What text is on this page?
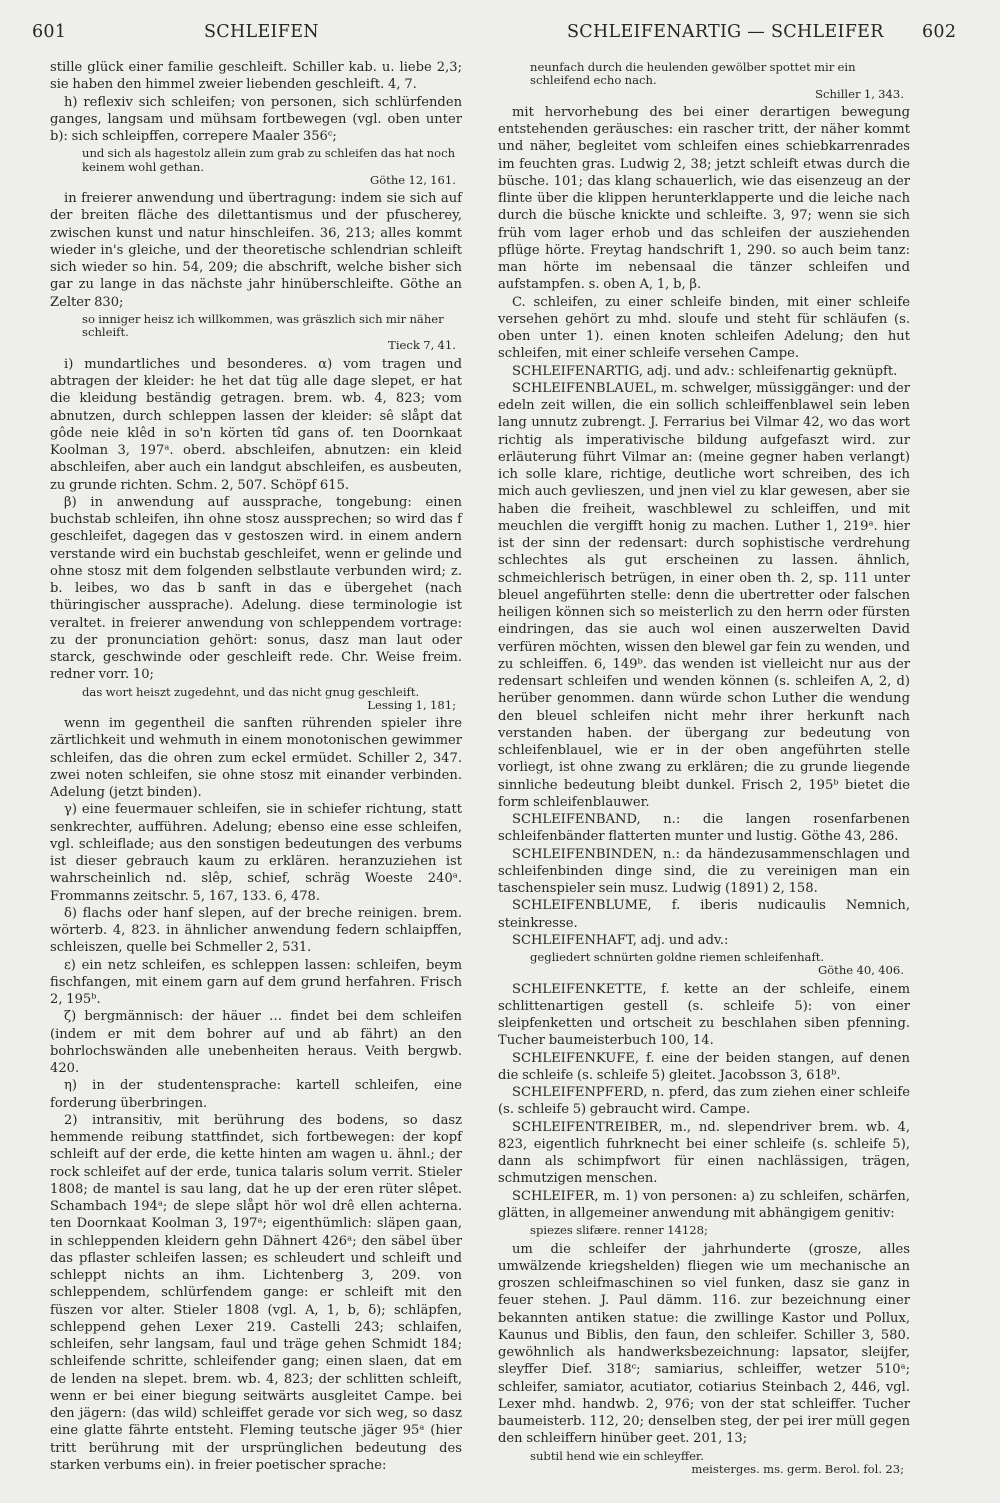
601	SCHLEIFEN	SCHLEIFENARTIG — SCHLEIFER 602

stille glück einer familie geschleift. Schiller kab. u. liebe 2,3; sie haben den himmel zweier liebenden geschleift. 4, 7.

h) reflexiv sich schleifen; von personen, sich schlürfenden ganges, langsam und mühsam fortbewegen (vgl. oben unter b): sich schleipffen, correpere Maaler 356ᶜ;

und sich als hagestolz allein zum grab zu schleifen das hat noch keinem wohl gethan.
Göthe 12, 161.

in freierer anwendung und übertragung: indem sie sich auf der breiten fläche des dilettantismus und der pfuscherey, zwischen kunst und natur hinschleifen. 36, 213; alles kommt wieder in's gleiche, und der theoretische schlendrian schleift sich wieder so hin. 54, 209; die abschrift, welche bisher sich gar zu lange in das nächste jahr hinüberschleifte. Göthe an Zelter 830;

so inniger heisz ich willkommen, was gräszlich sich mir näher schleift.
Tieck 7, 41.

i) mundartliches und besonderes. α) vom tragen und abtragen der kleider: he het dat tüg alle dage slepet, er hat die kleidung beständig getragen. brem. wb. 4, 823; vom abnutzen, durch schleppen lassen der kleider: sê slåpt dat gôde neie klêd in so'n körten tîd gans of. ten Doornkaat Koolman 3, 197ᵃ. oberd. abschleifen, abnutzen: ein kleid abschleifen, aber auch ein landgut abschleifen, es ausbeuten, zu grunde richten. Schm. 2, 507. Schöpf 615.

β) in anwendung auf aussprache, tongebung: einen buchstab schleifen, ihn ohne stosz aussprechen; so wird das f geschleifet, dagegen das v gestoszen wird. in einem andern verstande wird ein buchstab geschleifet, wenn er gelinde und ohne stosz mit dem folgenden selbstlaute verbunden wird; z. b. leibes, wo das b sanft in das e übergehet (nach thüringischer aussprache). Adelung. diese terminologie ist veraltet. in freierer anwendung von schleppendem vortrage: zu der pronunciation gehört: sonus, dasz man laut oder starck, geschwinde oder geschleift rede. Chr. Weise freim. redner vorr. 10;

das wort heiszt zugedehnt, und das nicht gnug geschleift.
Lessing 1, 181;

wenn im gegentheil die sanften rührenden spieler ihre zärtlichkeit und wehmuth in einem monotonischen gewimmer schleifen, das die ohren zum eckel ermüdet. Schiller 2, 347. zwei noten schleifen, sie ohne stosz mit einander verbinden. Adelung (jetzt binden).

γ) eine feuermauer schleifen, sie in schiefer richtung, statt senkrechter, aufführen. Adelung; ebenso eine esse schleifen, vgl. schleiflade; aus den sonstigen bedeutungen des verbums ist dieser gebrauch kaum zu erklären. heranzuziehen ist wahrscheinlich nd. slêp, schief, schräg Woeste 240ᵃ. Frommanns zeitschr. 5, 167, 133. 6, 478.

δ) flachs oder hanf slepen, auf der breche reinigen. brem. wörterb. 4, 823. in ähnlicher anwendung federn schlaipffen, schleiszen, quelle bei Schmeller 2, 531.

ε) ein netz schleifen, es schleppen lassen: schleifen, beym fischfangen, mit einem garn auf dem grund herfahren. Frisch 2, 195ᵇ.

ζ) bergmännisch: der häuer … findet bei dem schleifen (indem er mit dem bohrer auf und ab fährt) an den bohrlochswänden alle unebenheiten heraus. Veith bergwb. 420.

η) in der studentensprache: kartell schleifen, eine forderung überbringen.

2) intransitiv, mit berührung des bodens, so dasz hemmende reibung stattfindet, sich fortbewegen: der kopf schleift auf der erde, die kette hinten am wagen u. ähnl.; der rock schleifet auf der erde, tunica talaris solum verrit. Stieler 1808; de mantel is sau lang, dat he up der eren rüter slêpet. Schambach 194ᵃ; de slepe slåpt hör wol drê ellen achterna. ten Doornkaat Koolman 3, 197ᵃ; eigenthümlich: släpen gaan, in schleppenden kleidern gehn Dähnert 426ᵃ; den säbel über das pflaster schleifen lassen; es schleudert und schleift und schleppt nichts an ihm. Lichtenberg 3, 209. von schleppendem, schlürfendem gange: er schleift mit den füszen vor alter. Stieler 1808 (vgl. A, 1, b, δ); schläpfen, schleppend gehen Lexer 219. Castelli 243; schlaifen, schleifen, sehr langsam, faul und träge gehen Schmidt 184; schleifende schritte, schleifender gang; einen slaen, dat em de lenden na slepet. brem. wb. 4, 823; der schlitten schleift, wenn er bei einer biegung seitwärts ausgleitet Campe. bei den jägern: (das wild) schleiffet gerade vor sich weg, so dasz eine glatte fährte entsteht. Fleming teutsche jäger 95ᵃ (hier tritt berührung mit der ursprünglichen bedeutung des starken verbums ein). in freier poetischer sprache:

neunfach durch die heulenden gewölber spottet mir ein schleifend echo nach.
Schiller 1, 343.

mit hervorhebung des bei einer derartigen bewegung entstehenden geräusches: ein rascher tritt, der näher kommt und näher, begleitet vom schleifen eines schiebkarrenrades im feuchten gras. Ludwig 2, 38; jetzt schleift etwas durch die büsche. 101; das klang schauerlich, wie das eisenzeug an der flinte über die klippen herunterklapperte und die leiche nach durch die büsche knickte und schleifte. 3, 97; wenn sie sich früh vom lager erhob und das schleifen der ausziehenden pflüge hörte. Freytag handschrift 1, 290. so auch beim tanz: man hörte im nebensaal die tänzer schleifen und aufstampfen. s. oben A, 1, b, β.

C. schleifen, zu einer schleife binden, mit einer schleife versehen gehört zu mhd. sloufe und steht für schläufen (s. oben unter 1). einen knoten schleifen Adelung; den hut schleifen, mit einer schleife versehen Campe.

SCHLEIFENARTIG, adj. und adv.: schleifenartig geknüpft.

SCHLEIFENBLAUEL, m. schwelger, müssiggänger: und der edeln zeit willen, die ein sollich schleiffenblawel sein leben lang unnutz zubrengt. J. Ferrarius bei Vilmar 42, wo das wort richtig als imperativische bildung aufgefaszt wird. zur erläuterung führt Vilmar an: (meine gegner haben verlangt) ich solle klare, richtige, deutliche wort schreiben, des ich mich auch gevlieszen, und jnen viel zu klar gewesen, aber sie haben die freiheit, waschblewel zu schleiffen, und mit meuchlen die vergifft honig zu machen. Luther 1, 219ᵃ. hier ist der sinn der redensart: durch sophistische verdrehung schlechtes als gut erscheinen zu lassen. ähnlich, schmeichlerisch betrügen, in einer oben th. 2, sp. 111 unter bleuel angeführten stelle: denn die ubertretter oder falschen heiligen können sich so meisterlich zu den herrn oder fürsten eindringen, das sie auch wol einen auszerwelten David verfüren möchten, wissen den blewel gar fein zu wenden, und zu schleiffen. 6, 149ᵇ. das wenden ist vielleicht nur aus der redensart schleifen und wenden können (s. schleifen A, 2, d) herüber genommen. dann würde schon Luther die wendung den bleuel schleifen nicht mehr ihrer herkunft nach verstanden haben. der übergang zur bedeutung von schleifenblauel, wie er in der oben angeführten stelle vorliegt, ist ohne zwang zu erklären; die zu grunde liegende sinnliche bedeutung bleibt dunkel. Frisch 2, 195ᵇ bietet die form schleifenblauwer.

SCHLEIFENBAND, n.: die langen rosenfarbenen schleifenbänder flatterten munter und lustig. Göthe 43, 286.

SCHLEIFENBINDEN, n.: da händezusammenschlagen und schleifenbinden dinge sind, die zu vereinigen man ein taschenspieler sein musz. Ludwig (1891) 2, 158.

SCHLEIFENBLUME, f. iberis nudicaulis Nemnich, steinkresse.

SCHLEIFENHAFT, adj. und adv.:

gegliedert schnürten goldne riemen schleifenhaft.
Göthe 40, 406.

SCHLEIFENKETTE, f. kette an der schleife, einem schlittenartigen gestell (s. schleife 5): von einer sleipfenketten und ortscheit zu beschlahen siben pfenning. Tucher baumeisterbuch 100, 14.

SCHLEIFENKUFE, f. eine der beiden stangen, auf denen die schleife (s. schleife 5) gleitet. Jacobsson 3, 618ᵇ.

SCHLEIFENPFERD, n. pferd, das zum ziehen einer schleife (s. schleife 5) gebraucht wird. Campe.

SCHLEIFENTREIBER, m., nd. slependriver brem. wb. 4, 823, eigentlich fuhrknecht bei einer schleife (s. schleife 5), dann als schimpfwort für einen nachlässigen, trägen, schmutzigen menschen.

SCHLEIFER, m. 1) von personen: a) zu schleifen, schärfen, glätten, in allgemeiner anwendung mit abhängigem genitiv:

spiezes slifære. renner 14128;

um die schleifer der jahrhunderte (grosze, alles umwälzende kriegshelden) fliegen wie um mechanische an groszen schleifmaschinen so viel funken, dasz sie ganz in feuer stehen. J. Paul dämm. 116. zur bezeichnung einer bekannten antiken statue: die zwillinge Kastor und Pollux, Kaunus und Biblis, den faun, den schleifer. Schiller 3, 580. gewöhnlich als handwerksbezeichnung: lapsator, sleijfer, sleyffer Dief. 318ᶜ; samiarius, schleiffer, wetzer 510ᵃ; schleifer, samiator, acutiator, cotiarius Steinbach 2, 446, vgl. Lexer mhd. handwb. 2, 976; von der stat schleiffer. Tucher baumeisterb. 112, 20; denselben steg, der pei irer müll gegen den schleiffern hinüber geet. 201, 13;

subtil hend wie ein schleyffer.
meisterges. ms. germ. Berol. fol. 23;
